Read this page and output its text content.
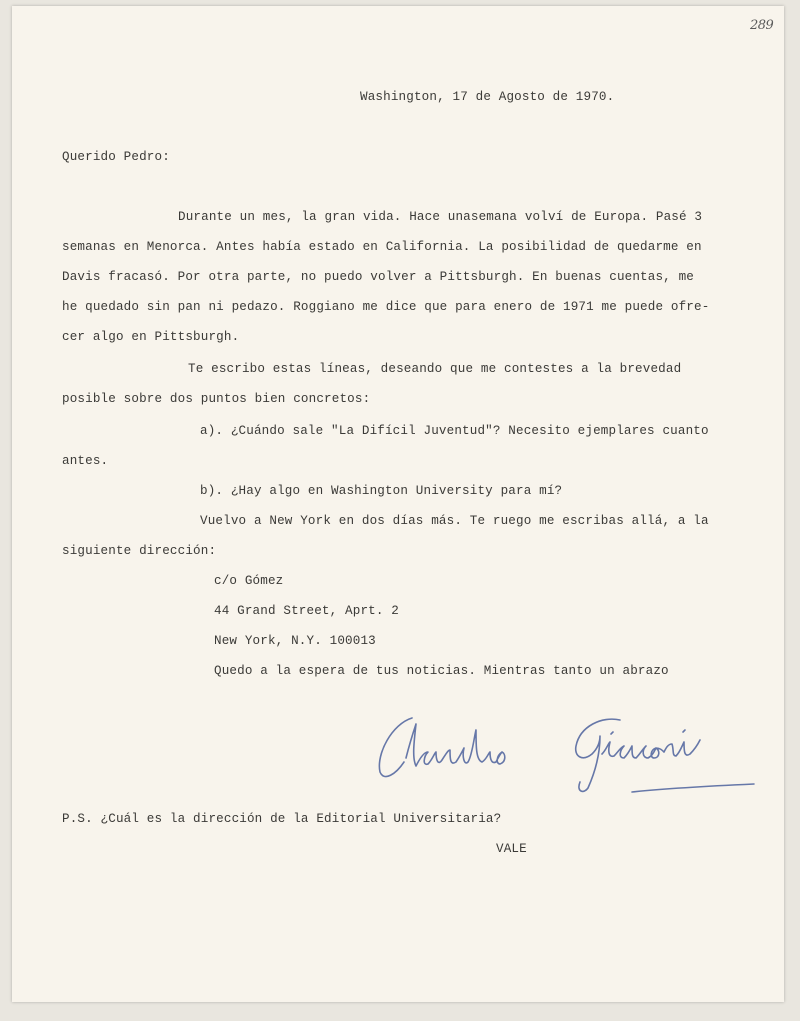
289
Washington, 17 de Agosto de 1970.
Querido Pedro:
Durante un mes, la gran vida. Hace unasemana volví de Europa. Pasé 3
semanas en Menorca. Antes había estado en California. La posibilidad de quedarme en
Davis fracasó. Por otra parte, no puedo volver a Pittsburgh. En buenas cuentas, me
he quedado sin pan ni pedazo. Roggiano me dice que para enero de 1971 me puede ofre-
cer algo en Pittsburgh.
Te escribo estas líneas, deseando que me contestes a la brevedad
posible sobre dos puntos bien concretos:
a). ¿Cuándo sale "La Difícil Juventud"? Necesito ejemplares cuanto
antes.
b). ¿Hay algo en Washington University para mí?
Vuelvo a New York en dos días más. Te ruego me escribas allá, a la
siguiente dirección:
c/o Gómez
44 Grand Street, Aprt. 2
New York, N.Y. 100013
Quedo a la espera de tus noticias. Mientras tanto un abrazo
P.S. ¿Cuál es la dirección de la Editorial Universitaria?
VALE
